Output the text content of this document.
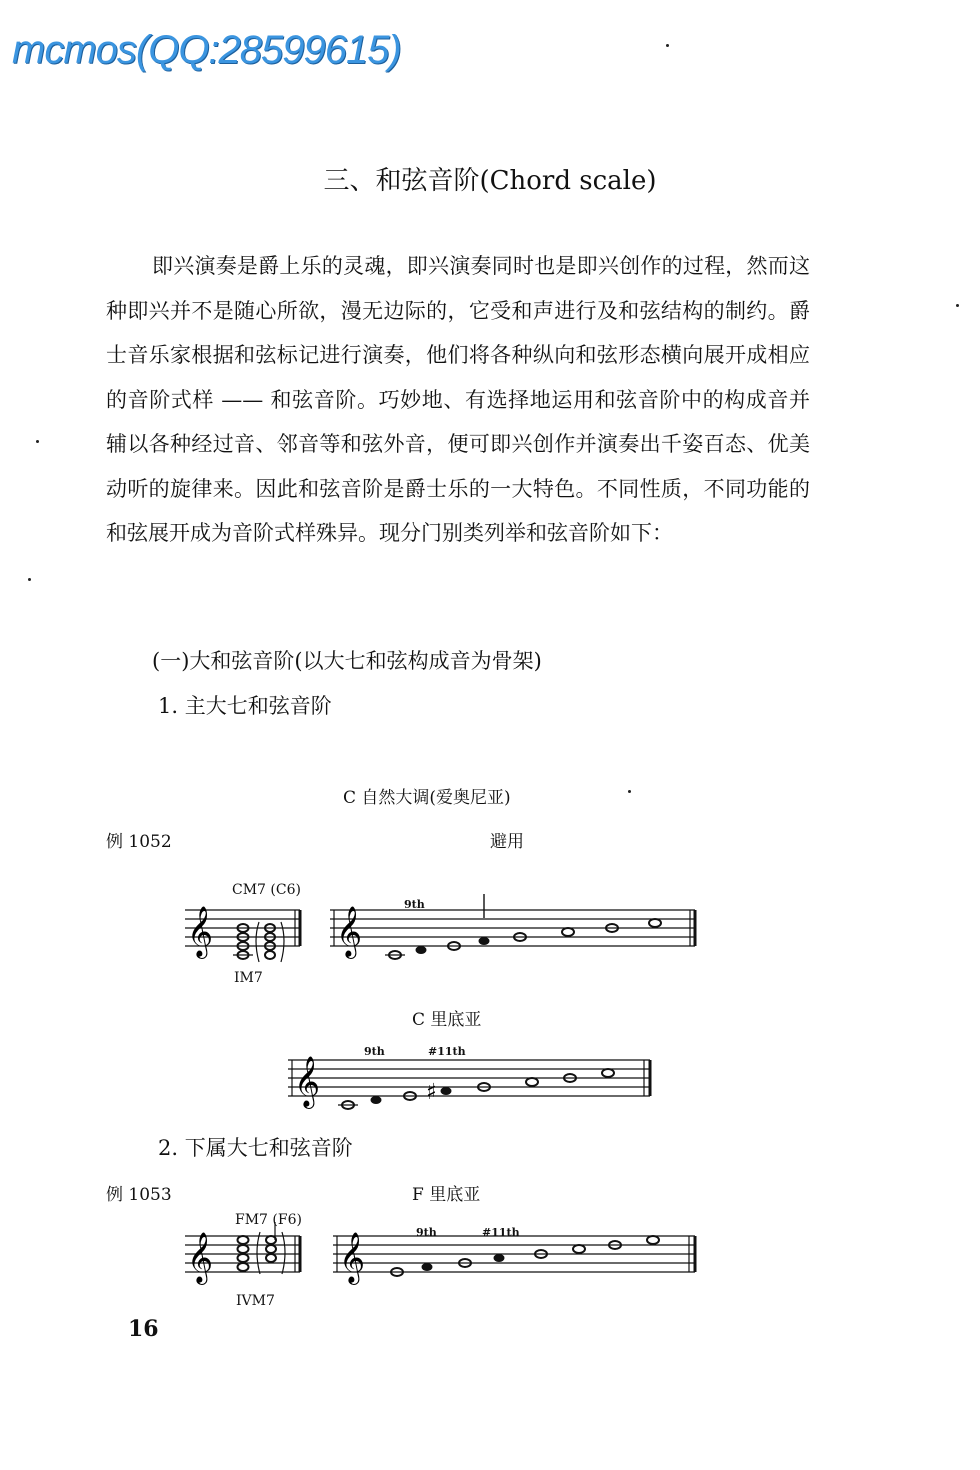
mcmos(QQ:28599615)
三、和弦音阶(Chord scale)

即兴演奏是爵上乐的灵魂，即兴演奏同时也是即兴创作的过程，然而这种即兴并不是随心所欲，漫无边际的，它受和声进行及和弦结构的制约。爵士音乐家根据和弦标记进行演奏，他们将各种纵向和弦形态横向展开成相应的音阶式样 —— 和弦音阶。巧妙地、有选择地运用和弦音阶中的构成音并辅以各种经过音、邻音等和弦外音，便可即兴创作并演奏出千姿百态、优美动听的旋律来。因此和弦音阶是爵士乐的一大特色。不同性质，不同功能的和弦展开成为音阶式样殊异。现分门别类列举和弦音阶如下：

(一)大和弦音阶(以大七和弦构成音为骨架)
1. 主大七和弦音阶
C 自然大调(爱奥尼亚)
例 1052	避用
CM7 (C6)
9th
IM7
𝄞	𝄞
C 里底亚
9th	#11th
𝄞	♯
2. 下属大七和弦音阶
例 1053	F 里底亚
FM7 (F6)
9th	#11th
IVM7
𝄞	𝄞
16
